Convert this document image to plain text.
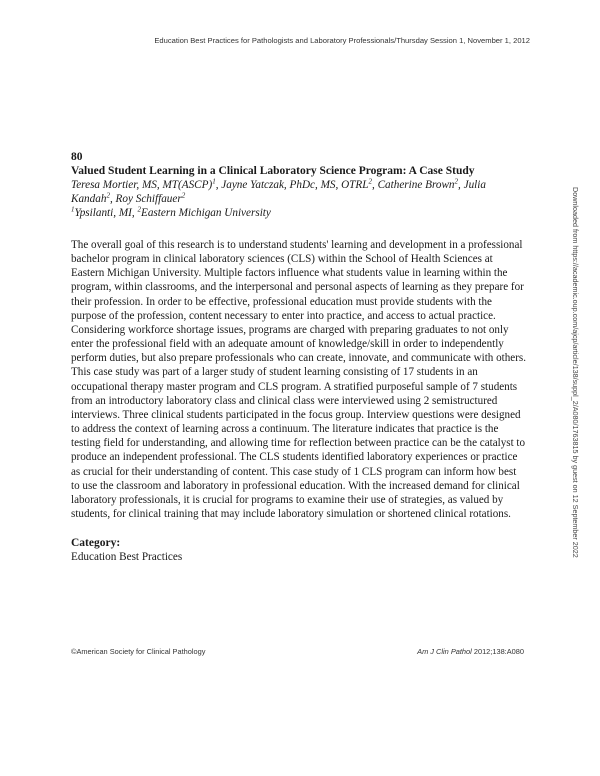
Education Best Practices for Pathologists and Laboratory Professionals/Thursday Session 1, November 1, 2012
80
Valued Student Learning in a Clinical Laboratory Science Program: A Case Study
Teresa Mortier, MS, MT(ASCP)$^1$, Jayne Yatczak, PhDc, MS, OTRL$^2$, Catherine Brown$^2$, Julia Kandah$^2$, Roy Schiffauer$^2$
$^1$Ypsilanti, MI, $^2$Eastern Michigan University
The overall goal of this research is to understand students' learning and development in a professional bachelor program in clinical laboratory sciences (CLS) within the School of Health Sciences at Eastern Michigan University. Multiple factors influence what students value in learning within the program, within classrooms, and the interpersonal and personal aspects of learning as they prepare for their profession. In order to be effective, professional education must provide students with the purpose of the profession, content necessary to enter into practice, and access to actual practice. Considering workforce shortage issues, programs are charged with preparing graduates to not only enter the professional field with an adequate amount of knowledge/skill in order to independently perform duties, but also prepare professionals who can create, innovate, and communicate with others. This case study was part of a larger study of student learning consisting of 17 students in an occupational therapy master program and CLS program. A stratified purposeful sample of 7 students from an introductory laboratory class and clinical class were interviewed using 2 semistructured interviews. Three clinical students participated in the focus group. Interview questions were designed to address the context of learning across a continuum. The literature indicates that practice is the testing field for understanding, and allowing time for reflection between practice can be the catalyst to produce an independent professional. The CLS students identified laboratory experiences or practice as crucial for their understanding of content. This case study of 1 CLS program can inform how best to use the classroom and laboratory in professional education. With the increased demand for clinical laboratory professionals, it is crucial for programs to examine their use of strategies, as valued by students, for clinical training that may include laboratory simulation or shortened clinical rotations.
Category:
Education Best Practices	Downloaded from https://academic.oup.com/ajcp/article/138/suppl_2/A080/1763815 by guest on 12 September 2022
©American Society for Clinical Pathology	Am J Clin Pathol 2012;138:A080
